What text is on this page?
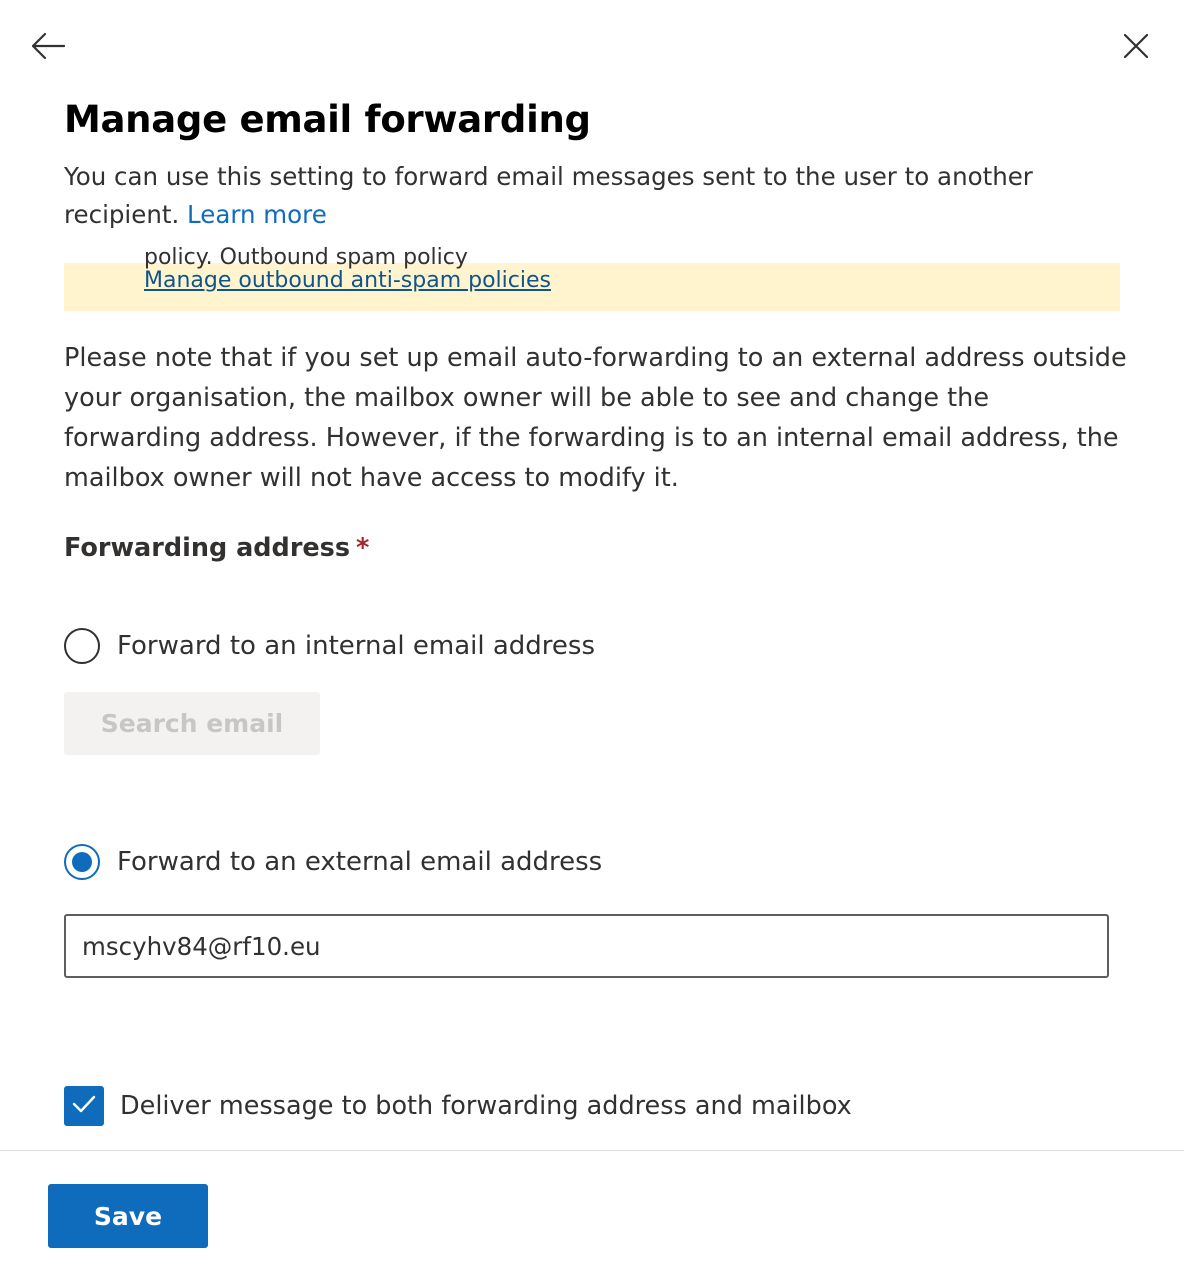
Manage email forwarding

You can use this setting to forward email messages sent to the user to another recipient. Learn more

policy. Outbound spam policy
Manage outbound anti-spam policies

Please note that if you set up email auto-forwarding to an external address outside your organisation, the mailbox owner will be able to see and change the forwarding address. However, if the forwarding is to an internal email address, the mailbox owner will not have access to modify it.

Forwarding address *

Forward to an internal email address
Search email
Forward to an external email address
mscyhv84@rf10.eu
Deliver message to both forwarding address and mailbox
Save
